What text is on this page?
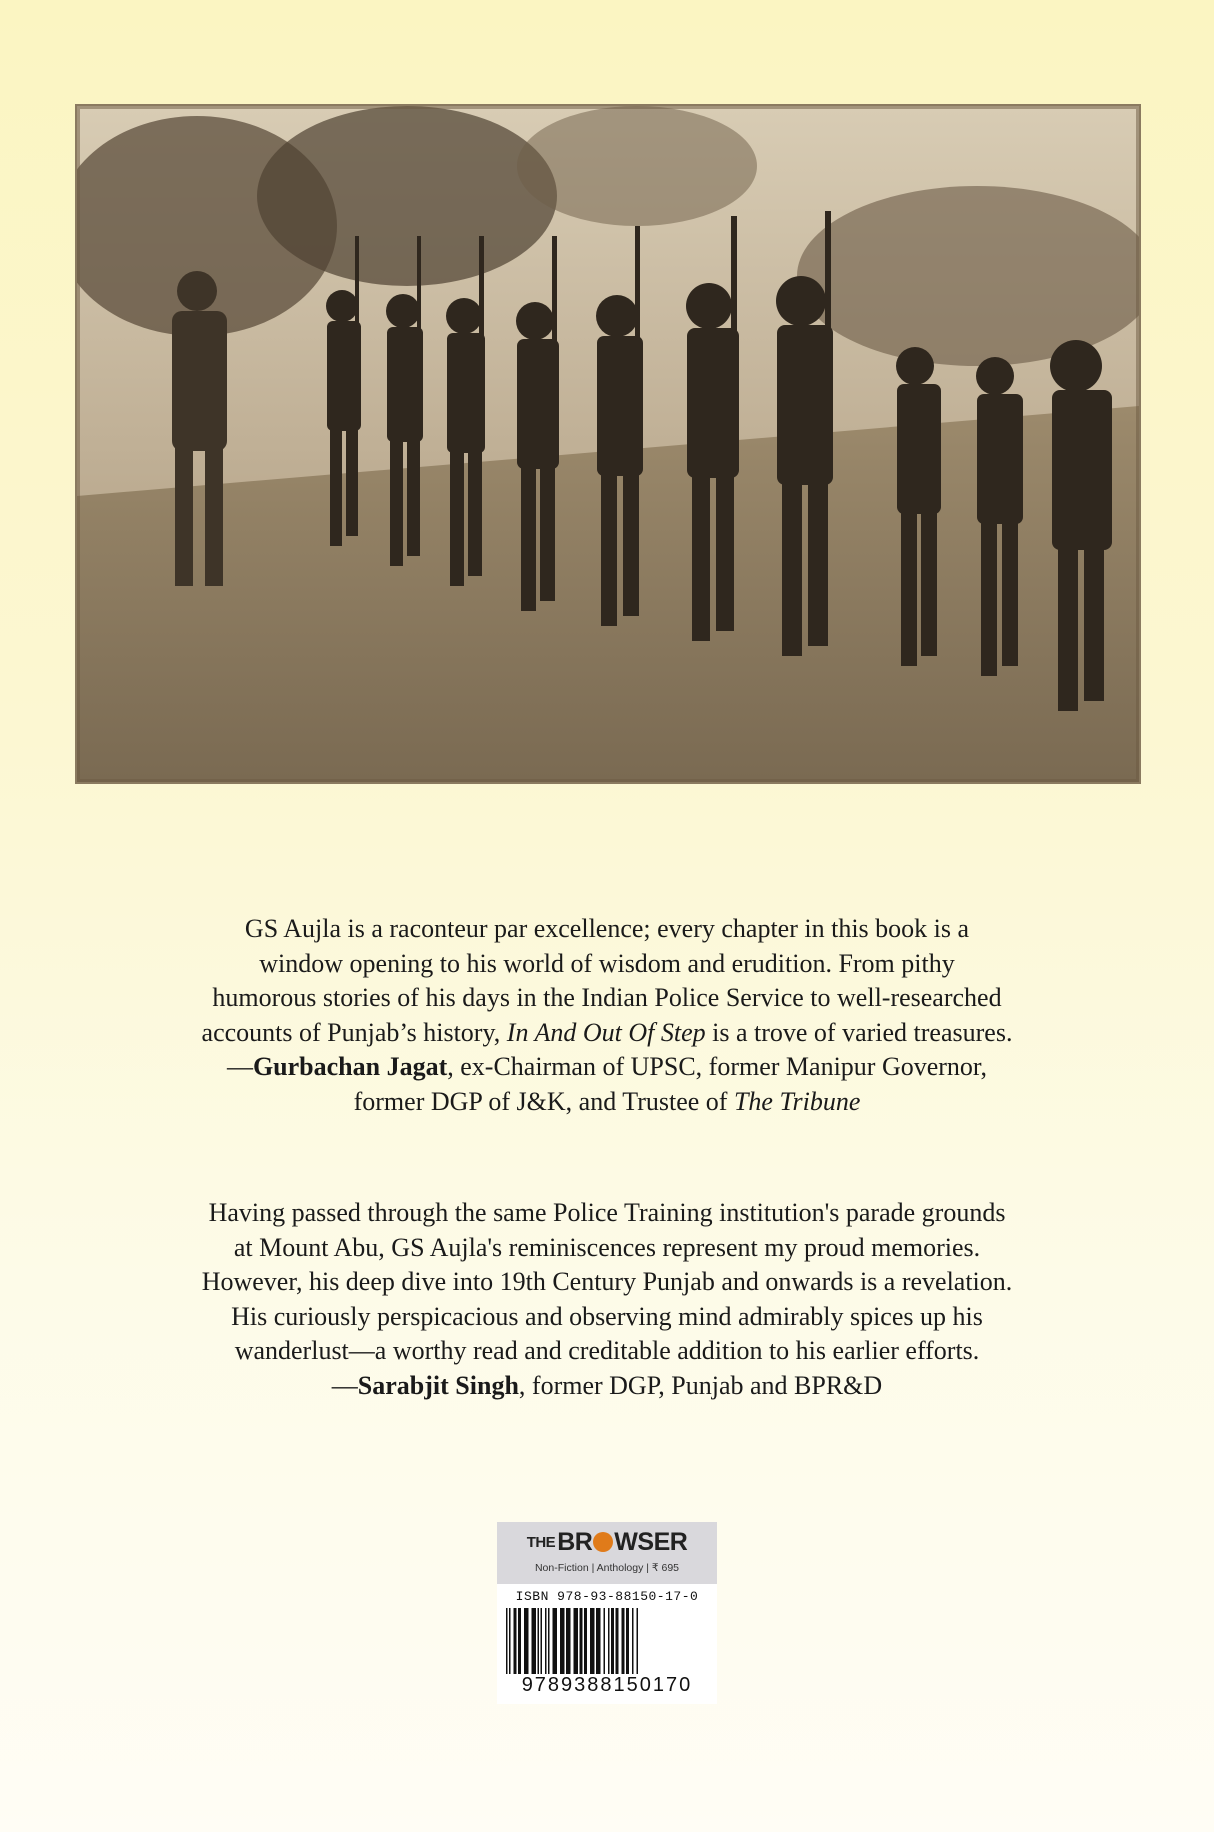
GS Aujla is a raconteur par excellence; every chapter in this book is a
window opening to his world of wisdom and erudition. From pithy
humorous stories of his days in the Indian Police Service to well-researched
accounts of Punjab’s history, In And Out Of Step is a trove of varied treasures.
—Gurbachan Jagat, ex-Chairman of UPSC, former Manipur Governor,
former DGP of J&K, and Trustee of The Tribune
Having passed through the same Police Training institution's parade grounds
at Mount Abu, GS Aujla's reminiscences represent my proud memories.
However, his deep dive into 19th Century Punjab and onwards is a revelation.
His curiously perspicacious and observing mind admirably spices up his
wanderlust—a worthy read and creditable addition to his earlier efforts.
—Sarabjit Singh, former DGP, Punjab and BPR&D
THEBR WSER
Non-Fiction | Anthology | ₹ 695
ISBN 978-93-88150-17-0
9789388150170
